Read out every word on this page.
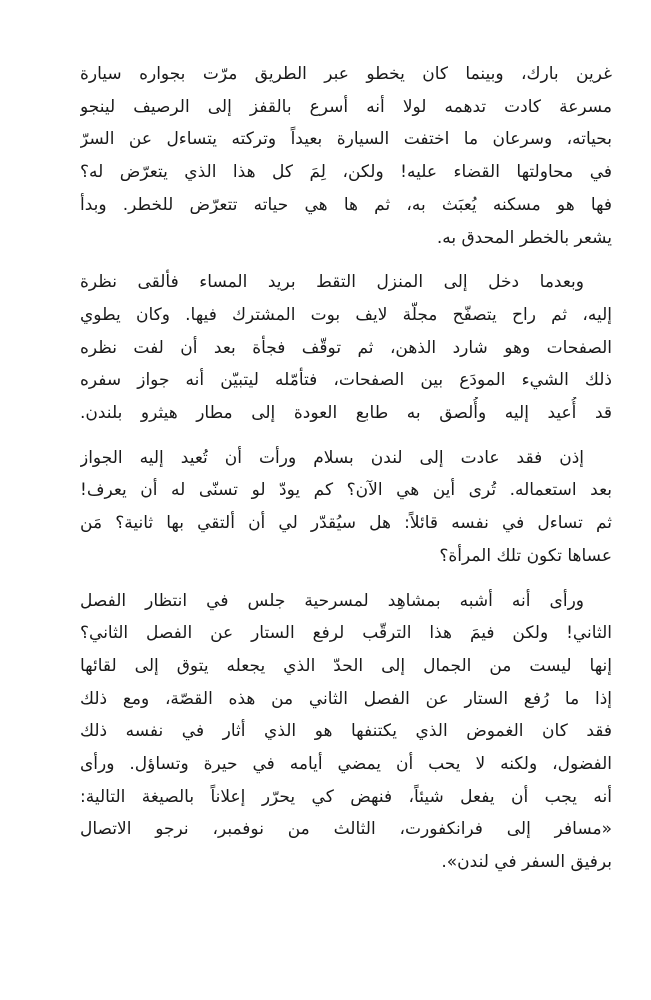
غرين بارك، وبينما كان يخطو عبر الطريق مرّت بجواره سيارة
مسرعة كادت تدهمه لولا أنه أسرع بالقفز إلى الرصيف لينجو
بحياته، وسرعان ما اختفت السيارة بعيداً وتركته يتساءل عن السرّ
في محاولتها القضاء عليه! ولكن، لِمَ كل هذا الذي يتعرّض له؟
فها هو مسكنه يُعبَث به، ثم ها هي حياته تتعرّض للخطر. وبدأ
يشعر بالخطر المحدق به.

وبعدما دخل إلى المنزل التقط بريد المساء فألقى نظرة
إليه، ثم راح يتصفّح مجلّة لايف بوت المشترك فيها. وكان يطوي
الصفحات وهو شارد الذهن، ثم توقّف فجأة بعد أن لفت نظره
ذلك الشيء المودَع بين الصفحات، فتأمّله ليتبيّن أنه جواز سفره
قد أُعيد إليه وأُلصق به طابع العودة إلى مطار هيثرو بلندن.

إذن فقد عادت إلى لندن بسلام ورأت أن تُعيد إليه الجواز
بعد استعماله. تُرى أين هي الآن؟ كم يودّ لو تسنّى له أن يعرف!
ثم تساءل في نفسه قائلاً: هل سيُقدّر لي أن ألتقي بها ثانية؟ مَن
عساها تكون تلك المرأة؟

ورأى أنه أشبه بمشاهِد لمسرحية جلس في انتظار الفصل
الثاني! ولكن فيمَ هذا الترقّب لرفع الستار عن الفصل الثاني؟
إنها ليست من الجمال إلى الحدّ الذي يجعله يتوق إلى لقائها
إذا ما رُفع الستار عن الفصل الثاني من هذه القصّة، ومع ذلك
فقد كان الغموض الذي يكتنفها هو الذي أثار في نفسه ذلك
الفضول، ولكنه لا يحب أن يمضي أيامه في حيرة وتساؤل. ورأى
أنه يجب أن يفعل شيئاً، فنهض كي يحرّر إعلاناً بالصيغة التالية:
«مسافر إلى فرانكفورت، الثالث من نوفمبر، نرجو الاتصال
برفيق السفر في لندن».
